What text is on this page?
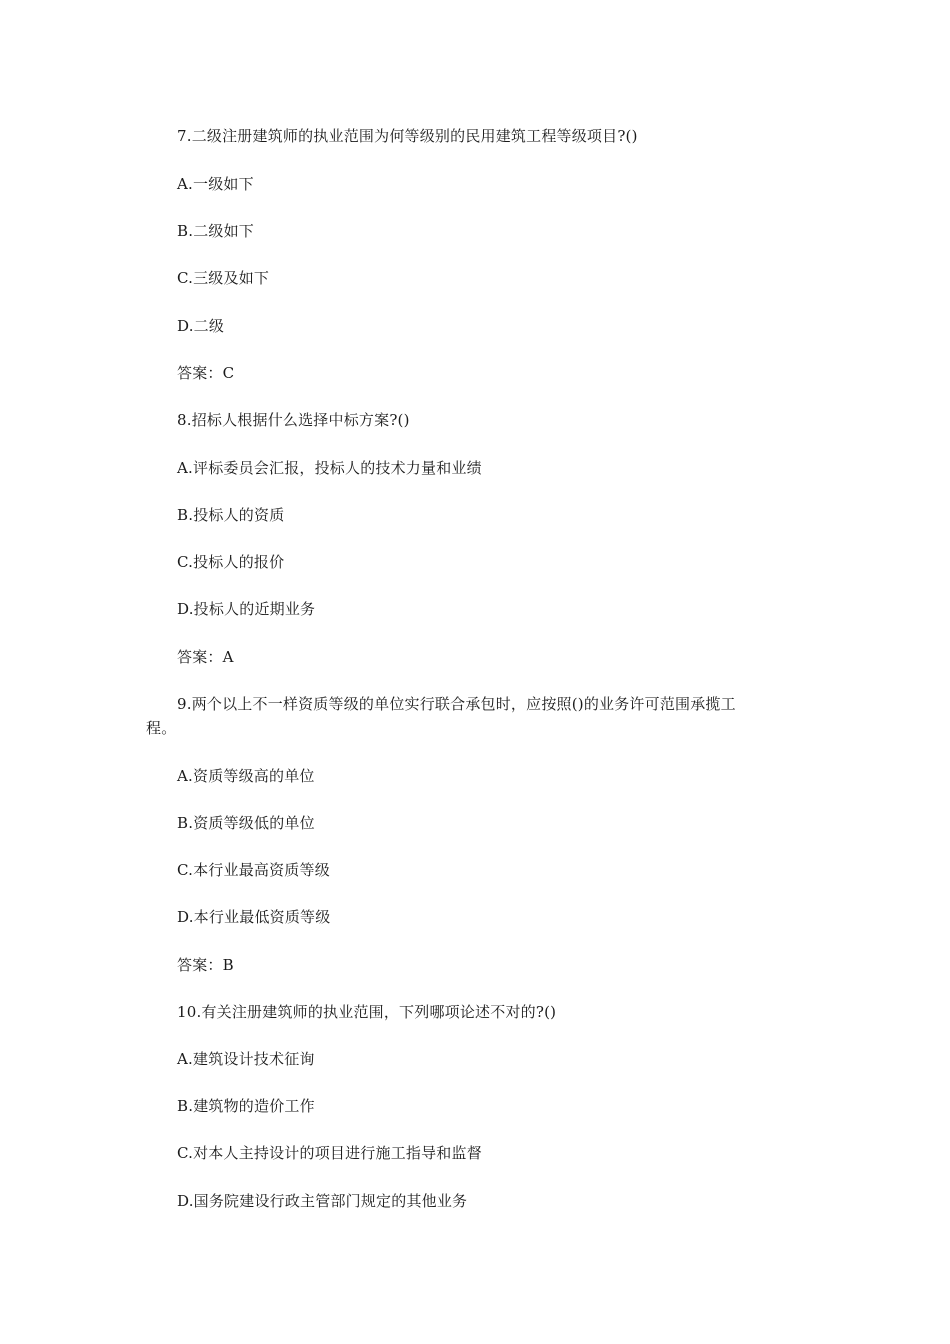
7.二级注册建筑师的执业范围为何等级别的民用建筑工程等级项目?()
A.一级如下
B.二级如下
C.三级及如下
D.二级
答案：C
8.招标人根据什么选择中标方案?()
A.评标委员会汇报，投标人的技术力量和业绩
B.投标人的资质
C.投标人的报价
D.投标人的近期业务
答案：A
9.两个以上不一样资质等级的单位实行联合承包时，应按照()的业务许可范围承揽工
程。
A.资质等级高的单位
B.资质等级低的单位
C.本行业最高资质等级
D.本行业最低资质等级
答案：B
10.有关注册建筑师的执业范围，下列哪项论述不对的?()
A.建筑设计技术征询
B.建筑物的造价工作
C.对本人主持设计的项目进行施工指导和监督
D.国务院建设行政主管部门规定的其他业务
